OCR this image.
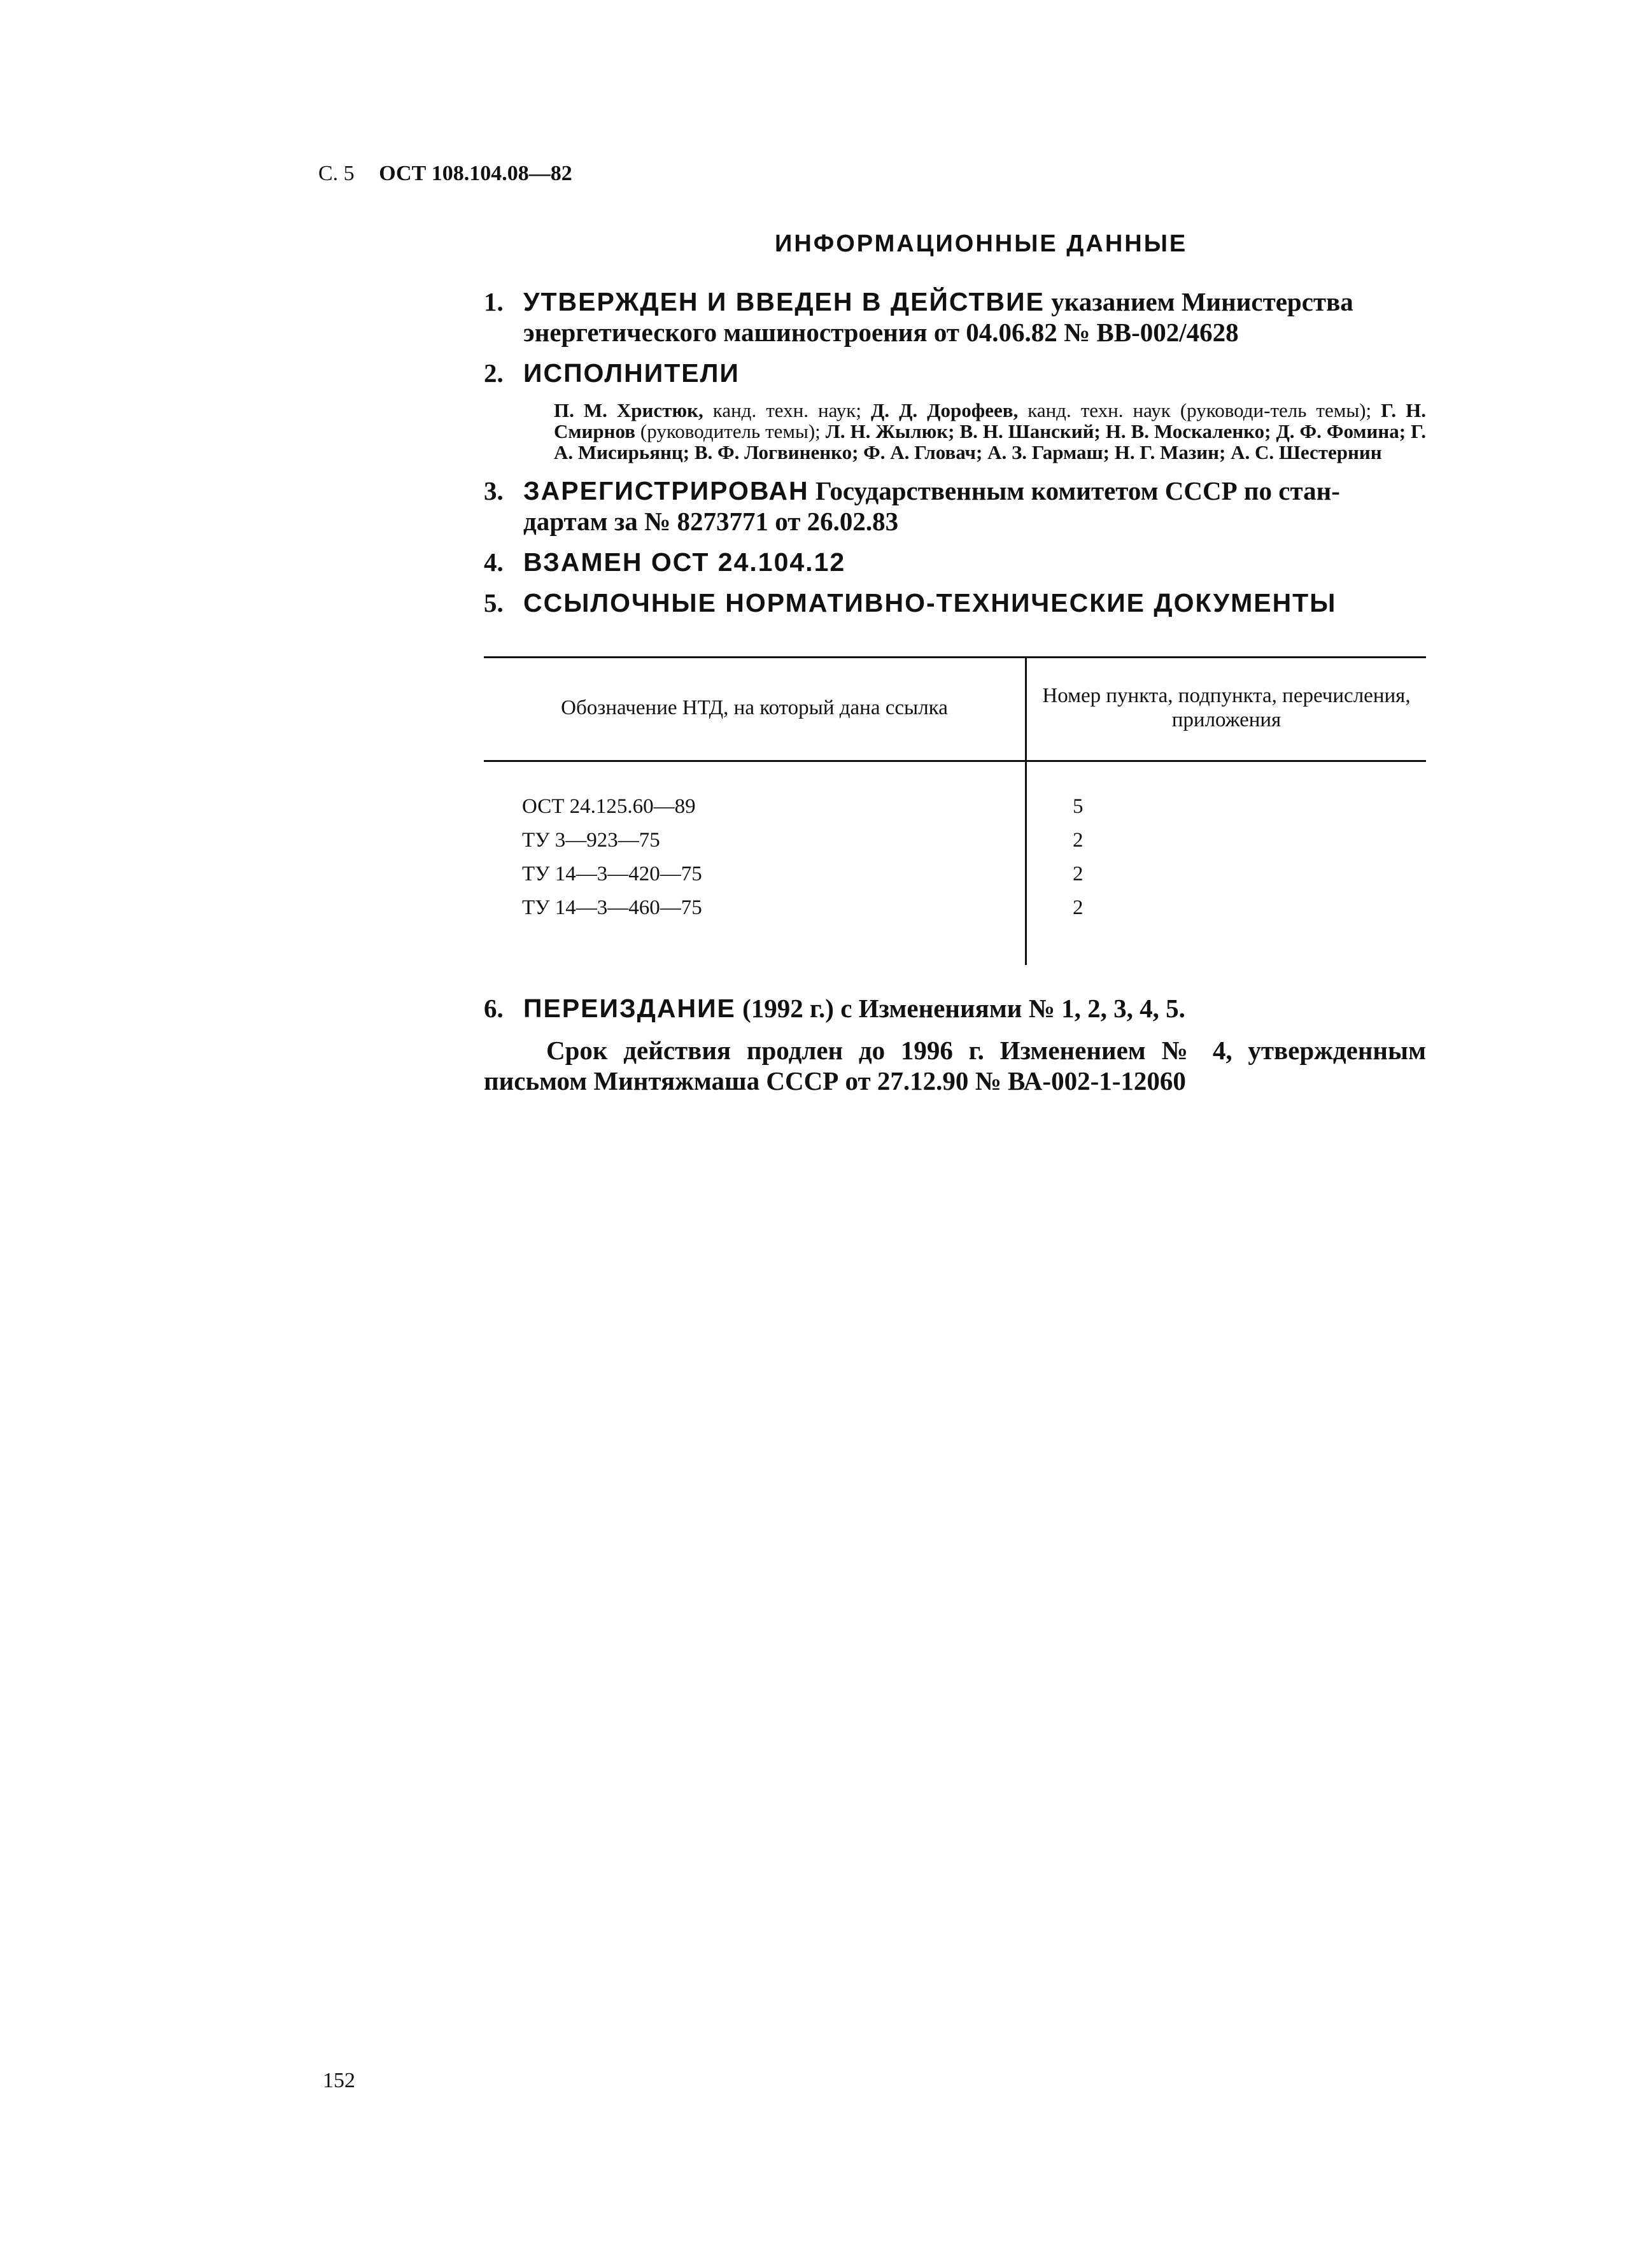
С. 5 ОСТ 108.104.08—82
ИНФОРМАЦИОННЫЕ ДАННЫЕ
1. УТВЕРЖДЕН И ВВЕДЕН В ДЕЙСТВИЕ указанием Министерства
энергетического машиностроения от 04.06.82 № ВВ-002/4628
2. ИСПОЛНИТЕЛИ
П. М. Христюк, канд. техн. наук; Д. Д. Дорофеев, канд. техн. наук (руководи-тель темы); Г. Н. Смирнов (руководитель темы); Л. Н. Жылюк; В. Н. Шанский; Н. В. Москаленко; Д. Ф. Фомина; Г. А. Мисирьянц; В. Ф. Логвиненко; Ф. А. Гловач; А. З. Гармаш; Н. Г. Мазин; А. С. Шестернин
3. ЗАРЕГИСТРИРОВАН Государственным комитетом СССР по стан-
дартам за № 8273771 от 26.02.83
4. ВЗАМЕН ОСТ 24.104.12
5. ССЫЛОЧНЫЕ НОРМАТИВНО-ТЕХНИЧЕСКИЕ ДОКУМЕНТЫ
Обозначение НТД, на который дана ссылка	Номер пункта, подпункта, перечисления, приложения
ОСТ 24.125.60—89	5
ТУ 3—923—75	2
ТУ 14—3—420—75	2
ТУ 14—3—460—75	2
6. ПЕРЕИЗДАНИЕ (1992 г.) с Изменениями № 1, 2, 3, 4, 5.
Срок действия продлен до 1996 г. Изменением № 4, утвержденным письмом Минтяжмаша СССР от 27.12.90 № ВА-002-1-12060
152
